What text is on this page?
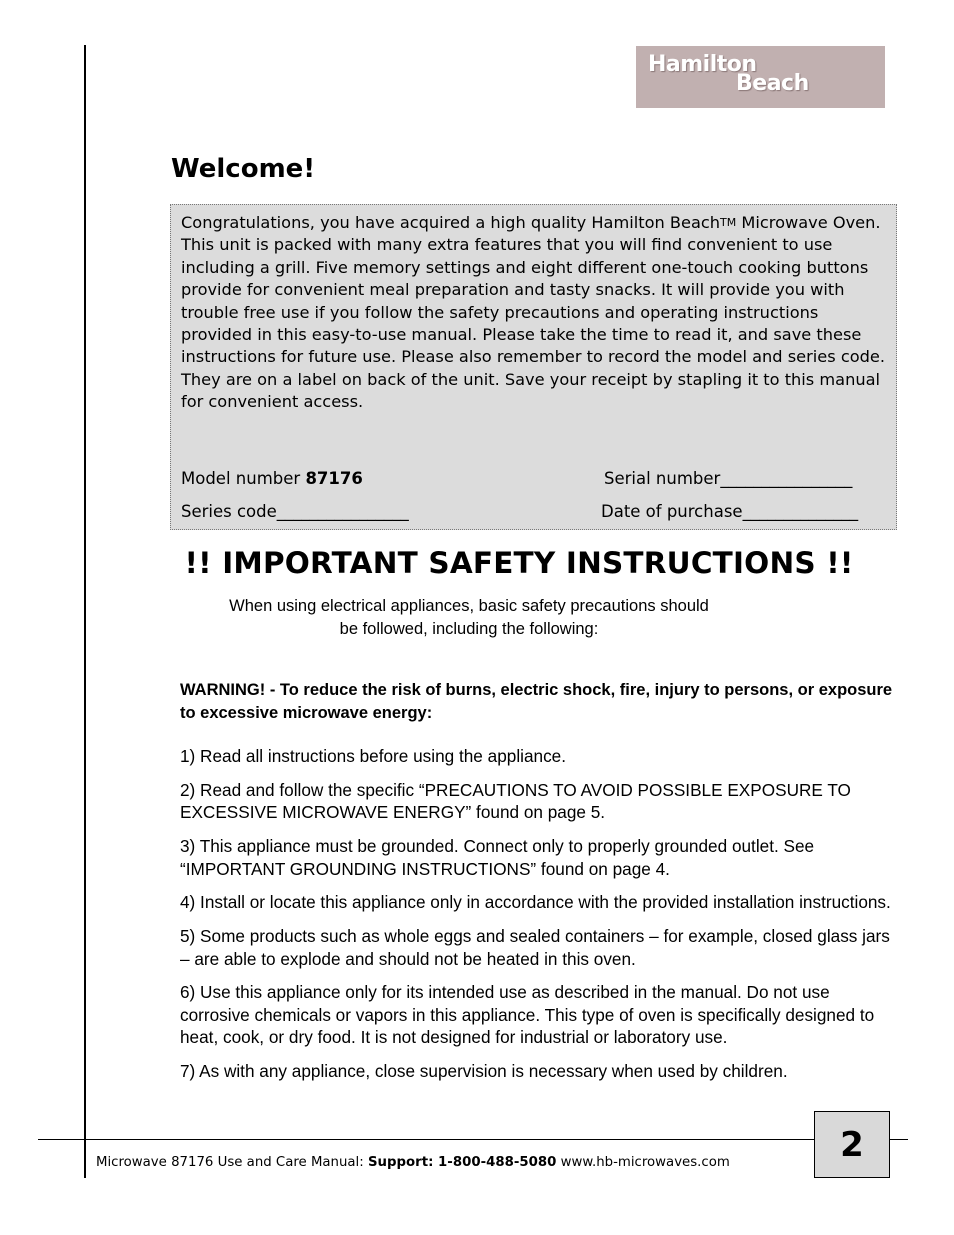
Hamilton
Beach
Welcome!
Congratulations, you have acquired a high quality Hamilton BeachTM Microwave Oven. This unit is packed with many extra features that you will find convenient to use including a grill. Five memory settings and eight different one-touch cooking buttons provide for convenient meal preparation and tasty snacks. It will provide you with trouble free use if you follow the safety precautions and operating instructions provided in this easy-to-use manual. Please take the time to read it, and save these instructions for future use. Please also remember to record the model and series code. They are on a label on back of the unit. Save your receipt by stapling it to this manual for convenient access.
Model number 87176	Serial number________________
Series code________________	Date of purchase______________
!! IMPORTANT SAFETY INSTRUCTIONS !!
When using electrical appliances, basic safety precautions should
be followed, including the following:
WARNING! - To reduce the risk of burns, electric shock, fire, injury to persons, or exposure to excessive microwave energy:
1) Read all instructions before using the appliance.
2) Read and follow the specific “PRECAUTIONS TO AVOID POSSIBLE EXPOSURE TO EXCESSIVE MICROWAVE ENERGY” found on page 5.
3) This appliance must be grounded. Connect only to properly grounded outlet. See “IMPORTANT GROUNDING INSTRUCTIONS” found on page 4.
4) Install or locate this appliance only in accordance with the provided installation instructions.
5) Some products such as whole eggs and sealed containers – for example, closed glass jars – are able to explode and should not be heated in this oven.
6) Use this appliance only for its intended use as described in the manual. Do not use corrosive chemicals or vapors in this appliance. This type of oven is specifically designed to heat, cook, or dry food. It is not designed for industrial or laboratory use.
7) As with any appliance, close supervision is necessary when used by children.
Microwave 87176 Use and Care Manual: Support: 1-800-488-5080 www.hb-microwaves.com	2
